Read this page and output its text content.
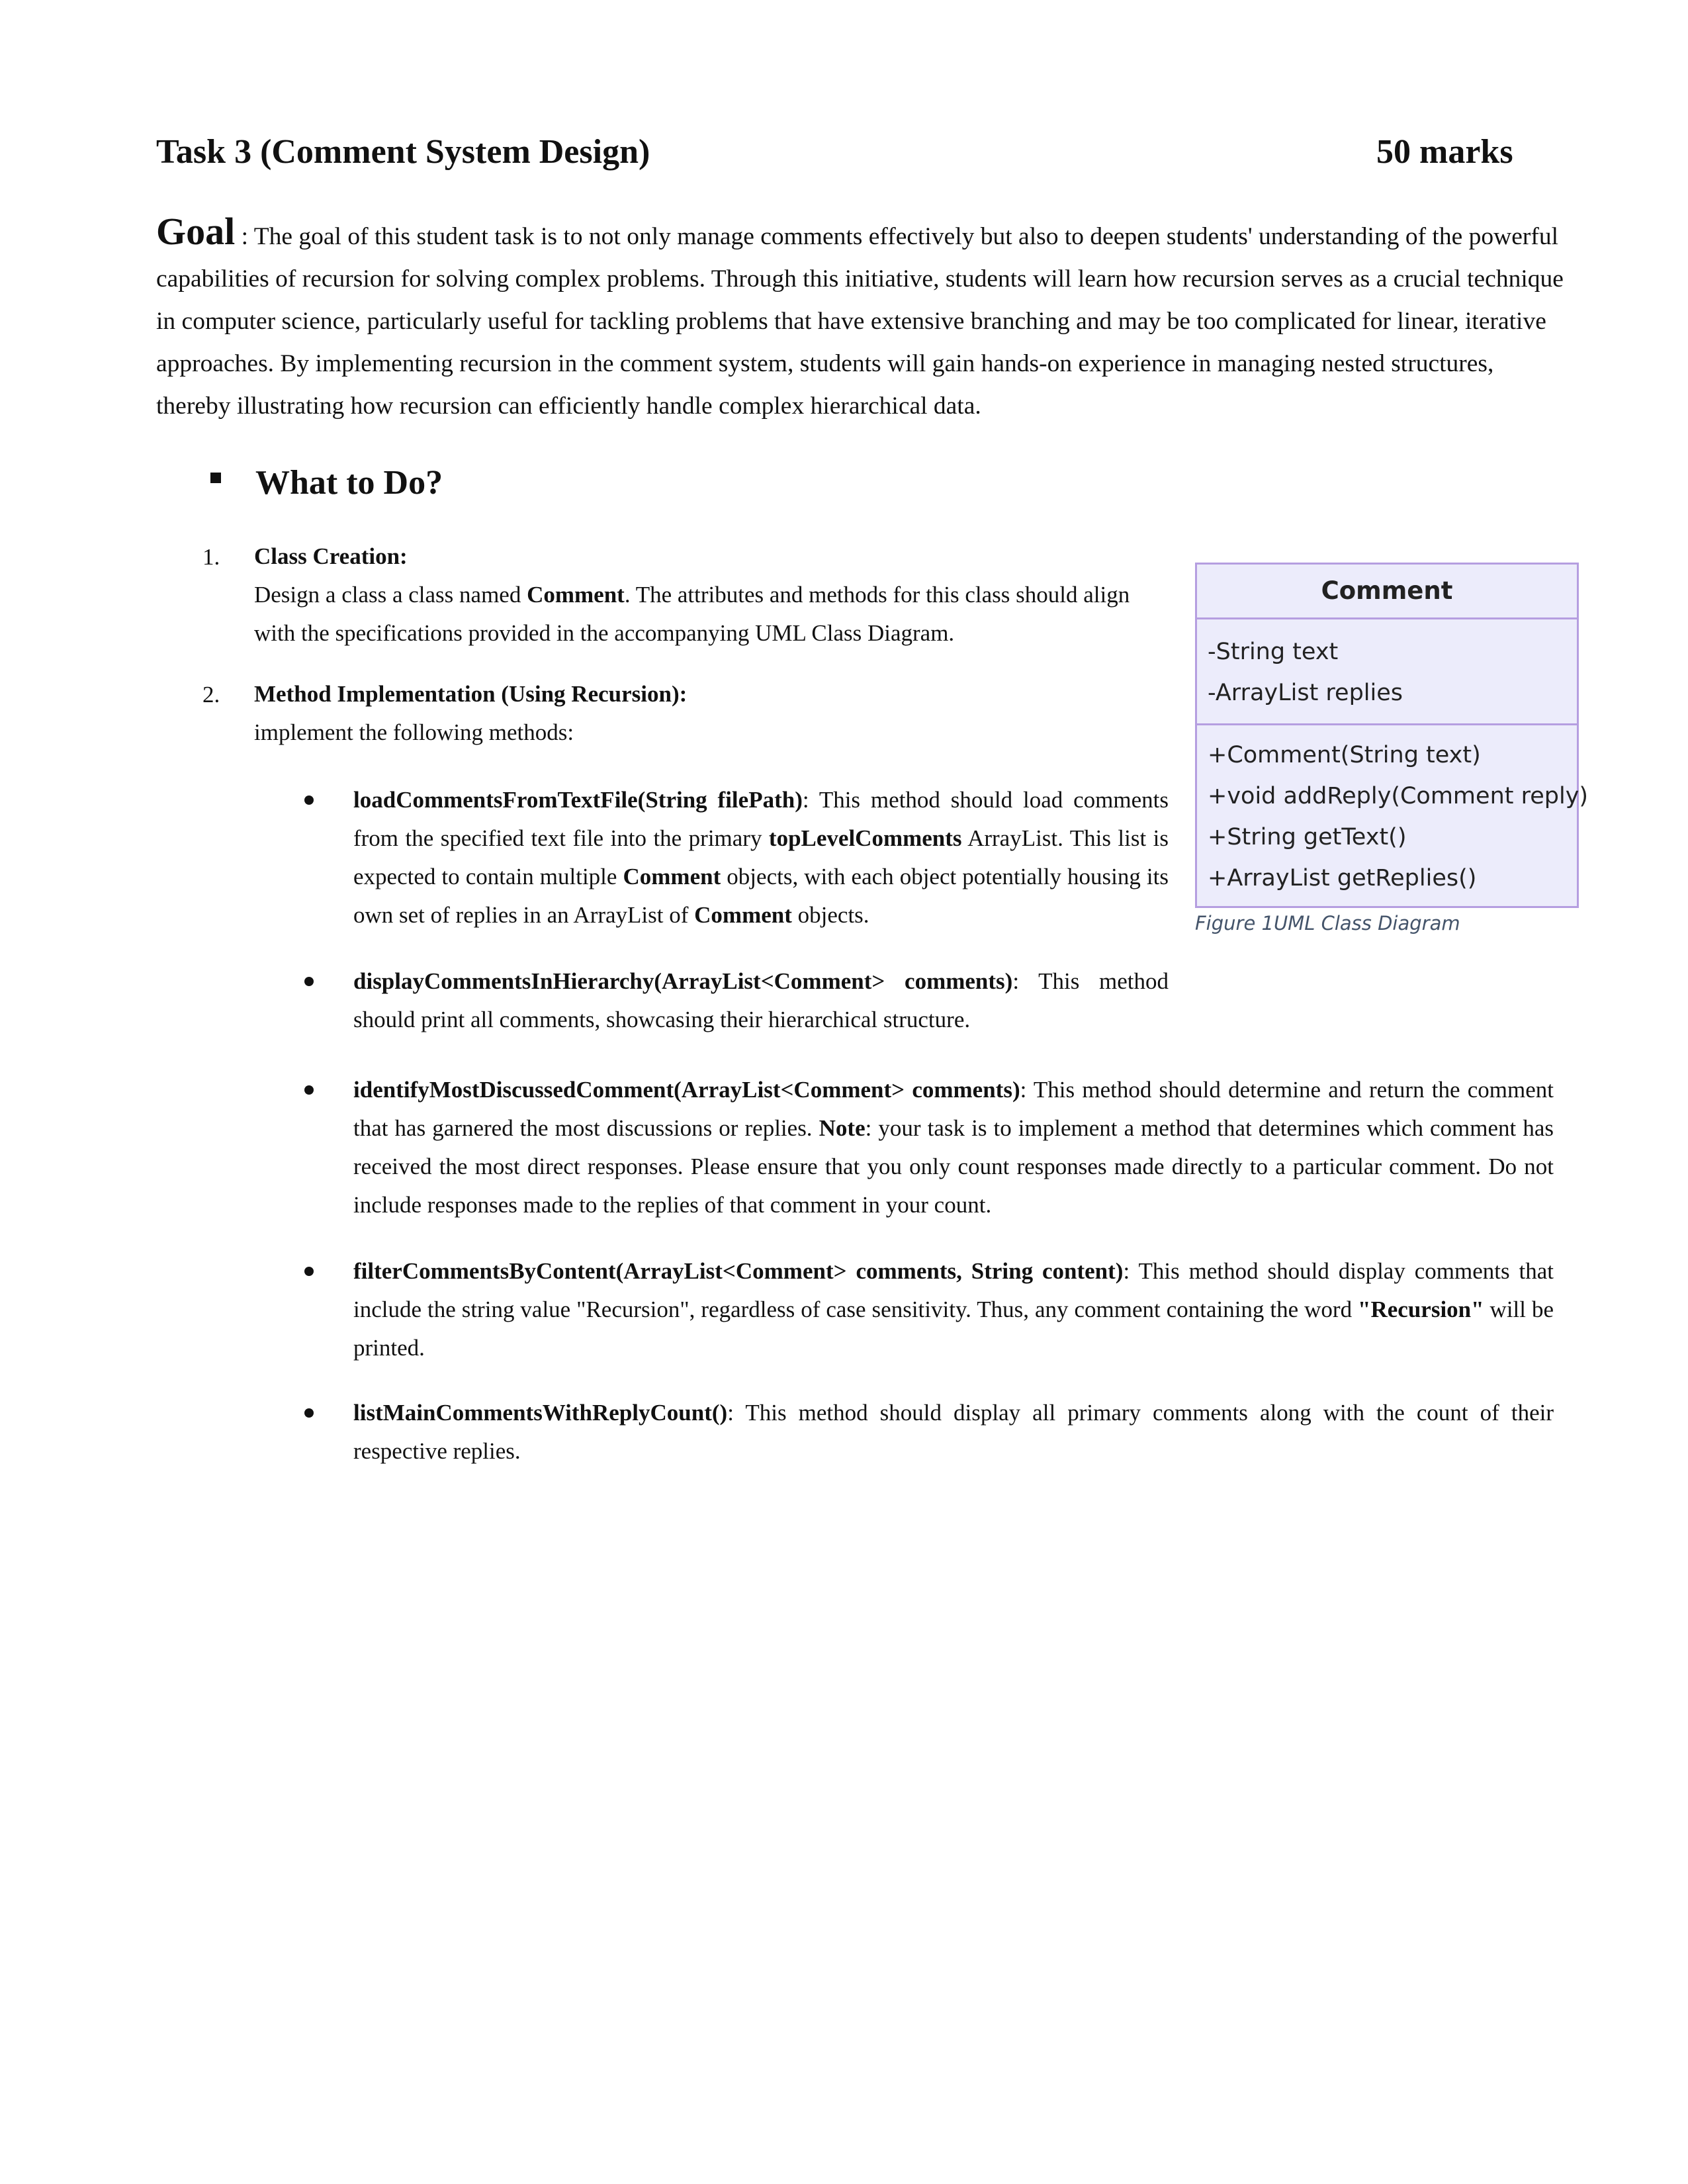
Task 3 (Comment System Design)	50 marks
Goal : The goal of this student task is to not only manage comments effectively but also to deepen students' understanding of the powerful capabilities of recursion for solving complex problems. Through this initiative, students will learn how recursion serves as a crucial technique in computer science, particularly useful for tackling problems that have extensive branching and may be too complicated for linear, iterative approaches. By implementing recursion in the comment system, students will gain hands-on experience in managing nested structures, thereby illustrating how recursion can efficiently handle complex hierarchical data.
What to Do?
1. Class Creation:
Design a class a class named Comment. The attributes and methods for this class should align with the specifications provided in the accompanying UML Class Diagram.
2. Method Implementation (Using Recursion):
implement the following methods:
loadCommentsFromTextFile(String filePath): This method should load comments from the specified text file into the primary topLevelComments ArrayList. This list is expected to contain multiple Comment objects, with each object potentially housing its own set of replies in an ArrayList of Comment objects.
displayCommentsInHierarchy(ArrayList<Comment> comments): This method should print all comments, showcasing their hierarchical structure.
identifyMostDiscussedComment(ArrayList<Comment> comments): This method should determine and return the comment that has garnered the most discussions or replies. Note: your task is to implement a method that determines which comment has received the most direct responses. Please ensure that you only count responses made directly to a particular comment. Do not include responses made to the replies of that comment in your count.
filterCommentsByContent(ArrayList<Comment> comments, String content): This method should display comments that include the string value "Recursion", regardless of case sensitivity. Thus, any comment containing the word "Recursion" will be printed.
listMainCommentsWithReplyCount(): This method should display all primary comments along with the count of their respective replies.
Comment
-String text
-ArrayList replies
+Comment(String text)
+void addReply(Comment reply)
+String getText()
+ArrayList getReplies()
Figure 1UML Class Diagram
